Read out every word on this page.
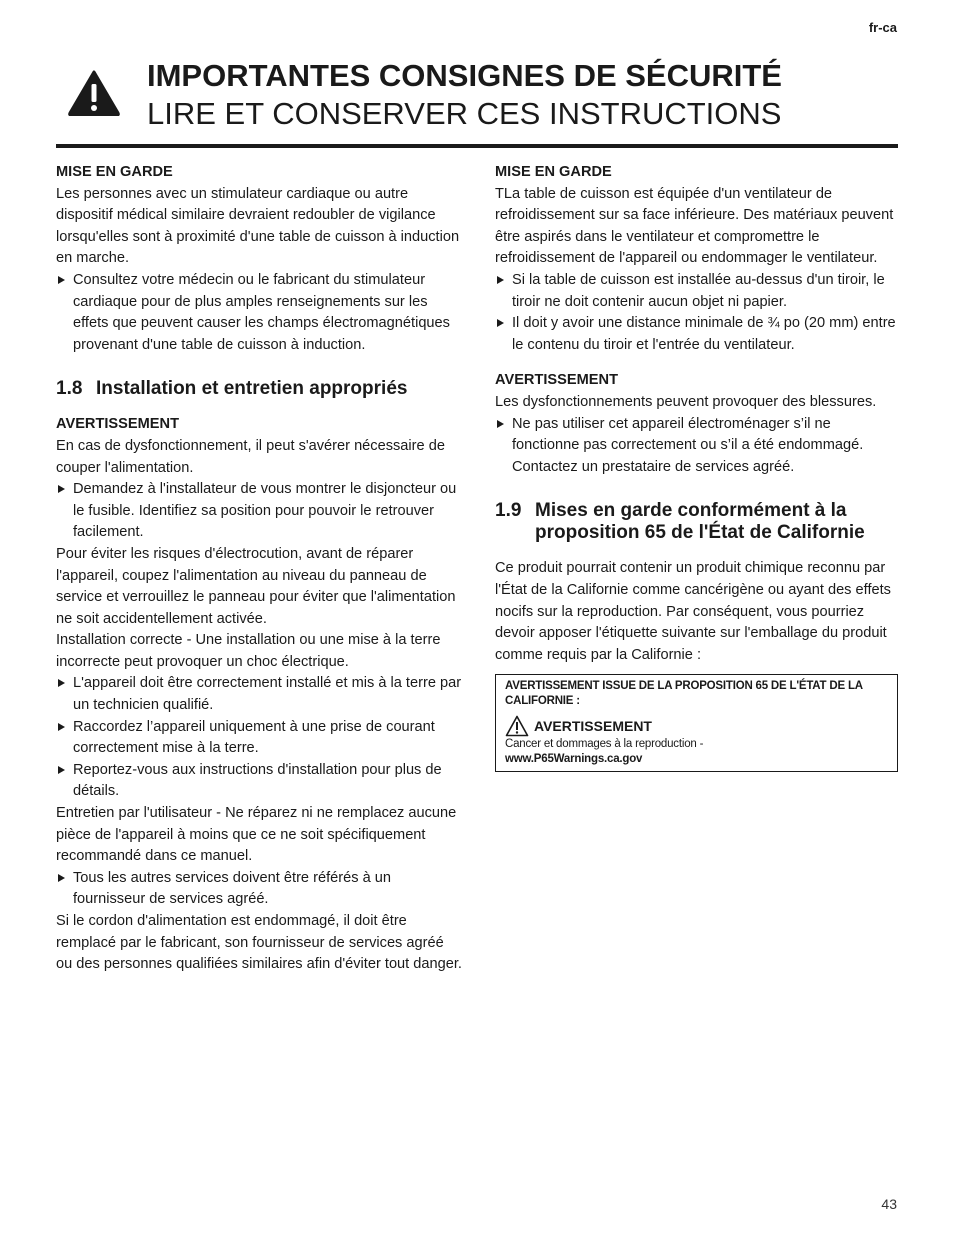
fr-ca
IMPORTANTES CONSIGNES DE SÉCURITÉ
LIRE ET CONSERVER CES INSTRUCTIONS

MISE EN GARDE

Les personnes avec un stimulateur cardiaque ou autre dispositif médical similaire devraient redoubler de vigilance lorsqu'elles sont à proximité d'une table de cuisson à induction en marche.

Consultez votre médecin ou le fabricant du stimulateur cardiaque pour de plus amples renseignements sur les effets que peuvent causer les champs électromagnétiques provenant d'une table de cuisson à induction.

1.8 Installation et entretien appropriés

AVERTISSEMENT

En cas de dysfonctionnement, il peut s'avérer nécessaire de couper l'alimentation.

Demandez à l'installateur de vous montrer le disjoncteur ou le fusible. Identifiez sa position pour pouvoir le retrouver facilement.

Pour éviter les risques d'électrocution, avant de réparer l'appareil, coupez l'alimentation au niveau du panneau de service et verrouillez le panneau pour éviter que l'alimentation ne soit accidentellement activée.

Installation correcte - Une installation ou une mise à la terre incorrecte peut provoquer un choc électrique.

L'appareil doit être correctement installé et mis à la terre par un technicien qualifié.
Raccordez l’appareil uniquement à une prise de courant correctement mise à la terre.
Reportez-vous aux instructions d'installation pour plus de détails.

Entretien par l'utilisateur - Ne réparez ni ne remplacez aucune pièce de l'appareil à moins que ce ne soit spécifiquement recommandé dans ce manuel.

Tous les autres services doivent être référés à un fournisseur de services agréé.

Si le cordon d'alimentation est endommagé, il doit être remplacé par le fabricant, son fournisseur de services agréé ou des personnes qualifiées similaires afin d'éviter tout danger.

MISE EN GARDE

TLa table de cuisson est équipée d'un ventilateur de refroidissement sur sa face inférieure. Des matériaux peuvent être aspirés dans le ventilateur et compromettre le refroidissement de l'appareil ou endommager le ventilateur.

Si la table de cuisson est installée au-dessus d'un tiroir, le tiroir ne doit contenir aucun objet ni papier.
Il doit y avoir une distance minimale de ¾ po (20 mm) entre le contenu du tiroir et l'entrée du ventilateur.

AVERTISSEMENT

Les dysfonctionnements peuvent provoquer des blessures.

Ne pas utiliser cet appareil électroménager s’il ne fonctionne pas correctement ou s’il a été endommagé. Contactez un prestataire de services agréé.
1.9 Mises en garde conformément à la
proposition 65 de l'État de Californie

Ce produit pourrait contenir un produit chimique reconnu par l'État de la Californie comme cancérigène ou ayant des effets nocifs sur la reproduction. Par conséquent, vous pourriez devoir apposer l'étiquette suivante sur l'emballage du produit comme requis par la Californie :

AVERTISSEMENT ISSUE DE LA PROPOSITION 65 DE L'ÉTAT DE LA CALIFORNIE :
AVERTISSEMENT
Cancer et dommages à la reproduction -
www.P65Warnings.ca.gov
43
